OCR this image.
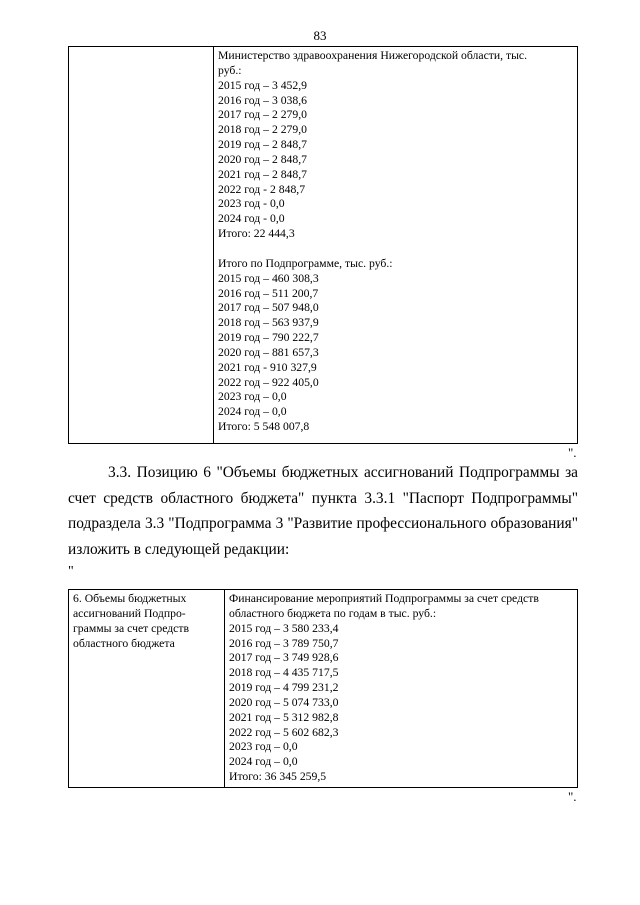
83

Министерство здравоохранения Нижегородской области, тыс.
руб.:
2015 год – 3 452,9
2016 год – 3 038,6
2017 год – 2 279,0
2018 год – 2 279,0
2019 год – 2 848,7
2020 год – 2 848,7
2021 год – 2 848,7
2022 год - 2 848,7
2023 год - 0,0
2024 год - 0,0
Итого: 22 444,3
Итого по Подпрограмме, тыс. руб.:
2015 год – 460 308,3
2016 год – 511 200,7
2017 год – 507 948,0
2018 год – 563 937,9
2019 год – 790 222,7
2020 год – 881 657,3
2021 год - 910 327,9
2022 год – 922 405,0
2023 год – 0,0
2024 год – 0,0
Итого: 5 548 007,8
".
3.3. Позицию 6 "Объемы бюджетных ассигнований Подпрограммы за
счет средств областного бюджета" пункта 3.3.1 "Паспорт Подпрограммы"
подраздела 3.3 "Подпрограмма 3 "Развитие профессионального образования"
изложить в следующей редакции:
"
6. Объемы бюджетных
ассигнований Подпро-
граммы за счет средств
областного бюджета

Финансирование мероприятий Подпрограммы за счет средств
областного бюджета по годам в тыс. руб.:
2015 год – 3 580 233,4
2016 год – 3 789 750,7
2017 год – 3 749 928,6
2018 год – 4 435 717,5
2019 год – 4 799 231,2
2020 год – 5 074 733,0
2021 год – 5 312 982,8
2022 год – 5 602 682,3
2023 год – 0,0
2024 год – 0,0
Итого: 36 345 259,5
".
